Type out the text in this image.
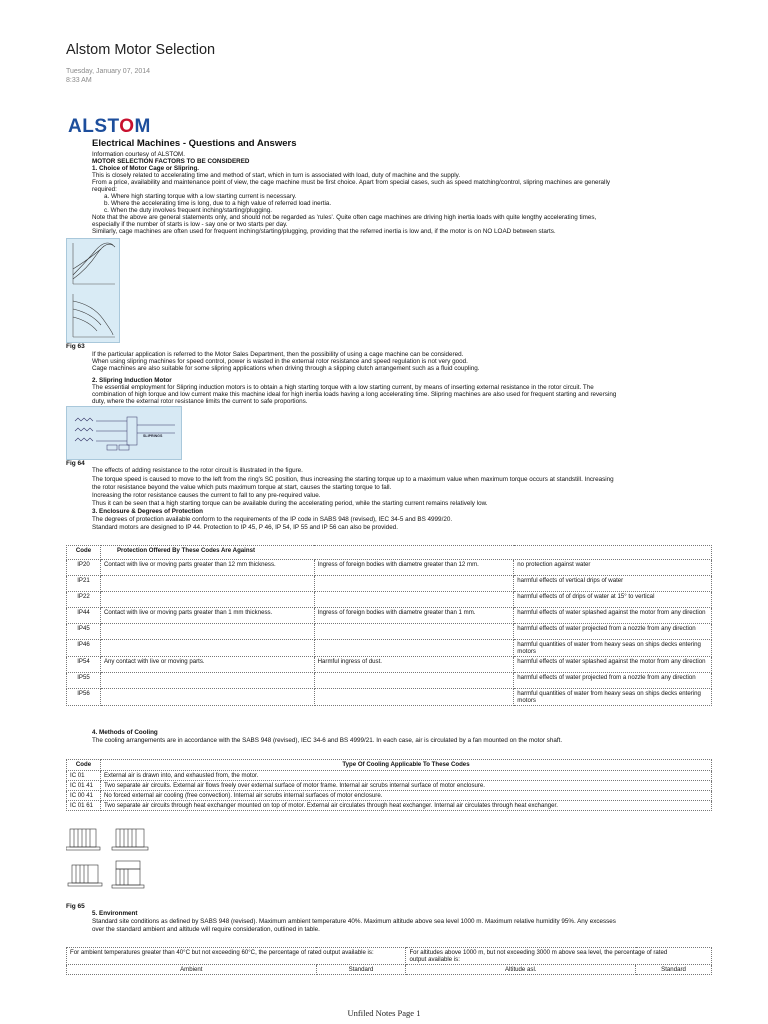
Alstom Motor Selection
Tuesday, January 07, 2014
8:33 AM
ALSTOM
Electrical Machines - Questions and Answers
Information courtesy of ALSTOM.
MOTOR SELECTION FACTORS TO BE CONSIDERED
1. Choice of Motor Cage or Slipring.
This is closely related to accelerating time and method of start, which in turn is associated with load, duty of machine and the supply.
From a price, availability and maintenance point of view, the cage machine must be first choice. Apart from special cases, such as speed matching/control, slipring machines are generally
required:
a. Where high starting torque with a low starting current is necessary.
b. Where the accelerating time is long, due to a high value of referred load inertia.
c. When the duty involves frequent inching/starting/plugging.
Note that the above are general statements only, and should not be regarded as 'rules'. Quite often cage machines are driving high inertia loads with quite lengthy accelerating times,
especially if the number of starts is low - say one or two starts per day.
Similarly, cage machines are often used for frequent inching/starting/plugging, providing that the referred inertia is low and, if the motor is on NO LOAD between starts.
Fig 63
If the particular application is referred to the Motor Sales Department, then the possibility of using a cage machine can be considered.
When using slipring machines for speed control, power is wasted in the external rotor resistance and speed regulation is not very good.
Cage machines are also suitable for some slipring applications when driving through a slipping clutch arrangement such as a fluid coupling.
2. Slipring Induction Motor
The essential employment for Slipring induction motors is to obtain a high starting torque with a low starting current, by means of inserting external resistance in the rotor circuit. The
combination of high torque and low current make this machine ideal for high inertia loads having a long accelerating time. Slipring machines are also used for frequent starting and reversing
duty, where the external rotor resistance limits the current to safe proportions.
SLIPRINGS
Fig 64
The effects of adding resistance to the rotor circuit is illustrated in the figure.
The torque speed is caused to move to the left from the ring's SC position, thus increasing the starting torque up to a maximum value when maximum torque occurs at standstill. Increasing
the rotor resistance beyond the value which puts maximum torque at start, causes the starting torque to fall.
Increasing the rotor resistance causes the current to fall to any pre-required value.
Thus it can be seen that a high starting torque can be available during the accelerating period, while the starting current remains relatively low.
3. Enclosure & Degrees of Protection
The degrees of protection available conform to the requirements of the IP code in SABS 948 (revised), IEC 34-5 and BS 4999/20.
Standard motors are designed to IP 44. Protection to IP 45, P 46, IP 54, IP 55 and IP 56 can also be provided.
Code	Protection Offered By These Codes Are Against		
IP20	Contact with live or moving parts greater than 12 mm thickness.	Ingress of foreign bodies with diametre greater than 12 mm.	no protection against water
IP21			harmful effects of vertical drips of water
IP22			harmful effects of of drips of water at 15° to vertical
IP44	Contact with live or moving parts greater than 1 mm thickness.	Ingress of foreign bodies with diametre greater than 1 mm.	harmful effects of water splashed against the motor from any direction
IP45			harmful effects of water projected from a nozzle from any direction
IP46			harmful quantities of water from heavy seas on ships decks entering motors
IP54	Any contact with live or moving parts.	Harmful ingress of dust.	harmful effects of water splashed against the motor from any direction
IP55			harmful effects of water projected from a nozzle from any direction
IP56			harmful quantities of water from heavy seas on ships decks entering motors
4. Methods of Cooling
The cooling arrangements are in accordance with the SABS 948 (revised), IEC 34-6 and BS 4999/21. In each case, air is circulated by a fan mounted on the motor shaft.
Code	Type Of Cooling Applicable To These Codes
IC 01	External air is drawn into, and exhausted from, the motor.
IC 01 41	Two separate air circuits. External air flows freely over external surface of motor frame. Internal air scrubs internal surface of motor enclosure.
IC 00 41	No forced external air cooling (free convection). Internal air scrubs internal surfaces of motor enclosure.
IC 01 61	Two separate air circuits through heat exchanger mounted on top of motor. External air circulates through heat exchanger. Internal air circulates through heat exchanger.
Fig 65
5. Environment
Standard site conditions as defined by SABS 948 (revised). Maximum ambient temperature 40%. Maximum altitude above sea level 1000 m. Maximum relative humidity 95%. Any excesses
over the standard ambient and altitude will require consideration, outlined in table.
For ambient temperatures greater than 40°C but not exceeding 60°C, the percentage of rated output available is:		For altitudes above 1000 m, but not exceeding 3000 m above sea level, the percentage of rated output available is:	
Ambient	Standard	Altitude asl.	Standard
Unfiled Notes Page 1
